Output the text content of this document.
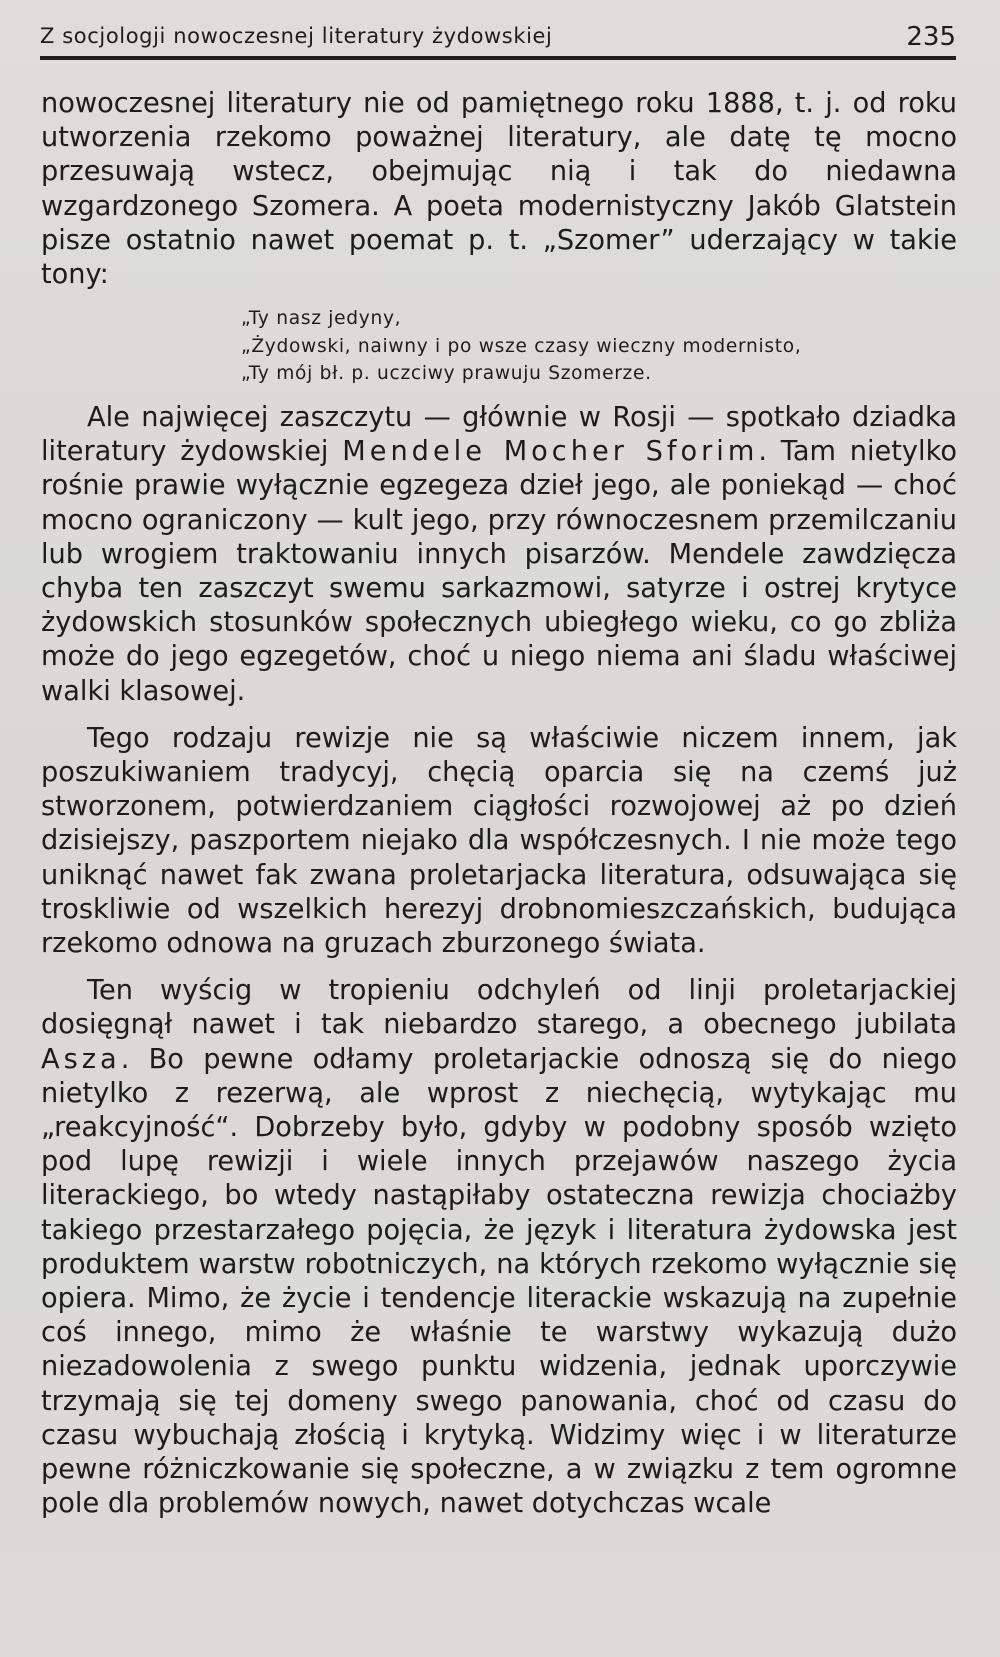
Z socjologji nowoczesnej literatury żydowskiej	235

nowoczesnej literatury nie od pamiętnego roku 1888, t. j. od roku utworzenia rzekomo poważnej literatury, ale datę tę mocno przesuwają wstecz, obejmując nią i tak do niedawna wzgardzonego Szomera. A poeta modernistyczny Jakób Glatstein pisze ostatnio nawet poemat p. t. „Szomer” uderzający w takie tony:

„Ty nasz jedyny,
„Żydowski, naiwny i po wsze czasy wieczny modernisto,
„Ty mój bł. p. uczciwy prawuju Szomerze.

Ale najwięcej zaszczytu — głównie w Rosji — spotkało dziadka literatury żydowskiej Mendele Mocher Sforim. Tam nietylko rośnie prawie wyłącznie egzegeza dzieł jego, ale poniekąd — choć mocno ograniczony — kult jego, przy równoczesnem przemilczaniu lub wrogiem traktowaniu innych pisarzów. Mendele zawdzięcza chyba ten zaszczyt swemu sarkazmowi, satyrze i ostrej krytyce żydowskich stosunków społecznych ubiegłego wieku, co go zbliża może do jego egzegetów, choć u niego niema ani śladu właściwej walki klasowej.

Tego rodzaju rewizje nie są właściwie niczem innem, jak poszukiwaniem tradycyj, chęcią oparcia się na czemś już stworzonem, potwierdzaniem ciągłości rozwojowej aż po dzień dzisiejszy, paszportem niejako dla współczesnych. I nie może tego uniknąć nawet fak zwana proletarjacka literatura, odsuwająca się troskliwie od wszelkich herezyj drobnomieszczańskich, budująca rzekomo odnowa na gruzach zburzonego świata.

Ten wyścig w tropieniu odchyleń od linji proletarjackiej dosięgnął nawet i tak niebardzo starego, a obecnego jubilata Asza. Bo pewne odłamy proletarjackie odnoszą się do niego nietylko z rezerwą, ale wprost z niechęcią, wytykając mu „reakcyjność“. Dobrzeby było, gdyby w podobny sposób wzięto pod lupę rewizji i wiele innych przejawów naszego życia literackiego, bo wtedy nastąpiłaby ostateczna rewizja chociażby takiego przestarzałego pojęcia, że język i literatura żydowska jest produktem warstw robotniczych, na których rzekomo wyłącznie się opiera. Mimo, że życie i tendencje literackie wskazują na zupełnie coś innego, mimo że właśnie te warstwy wykazują dużo niezadowolenia z swego punktu widzenia, jednak uporczywie trzymają się tej domeny swego panowania, choć od czasu do czasu wybuchają złością i krytyką. Widzimy więc i w literaturze pewne różniczkowanie się społeczne, a w związku z tem ogromne pole dla problemów nowych, nawet dotychczas wcale
